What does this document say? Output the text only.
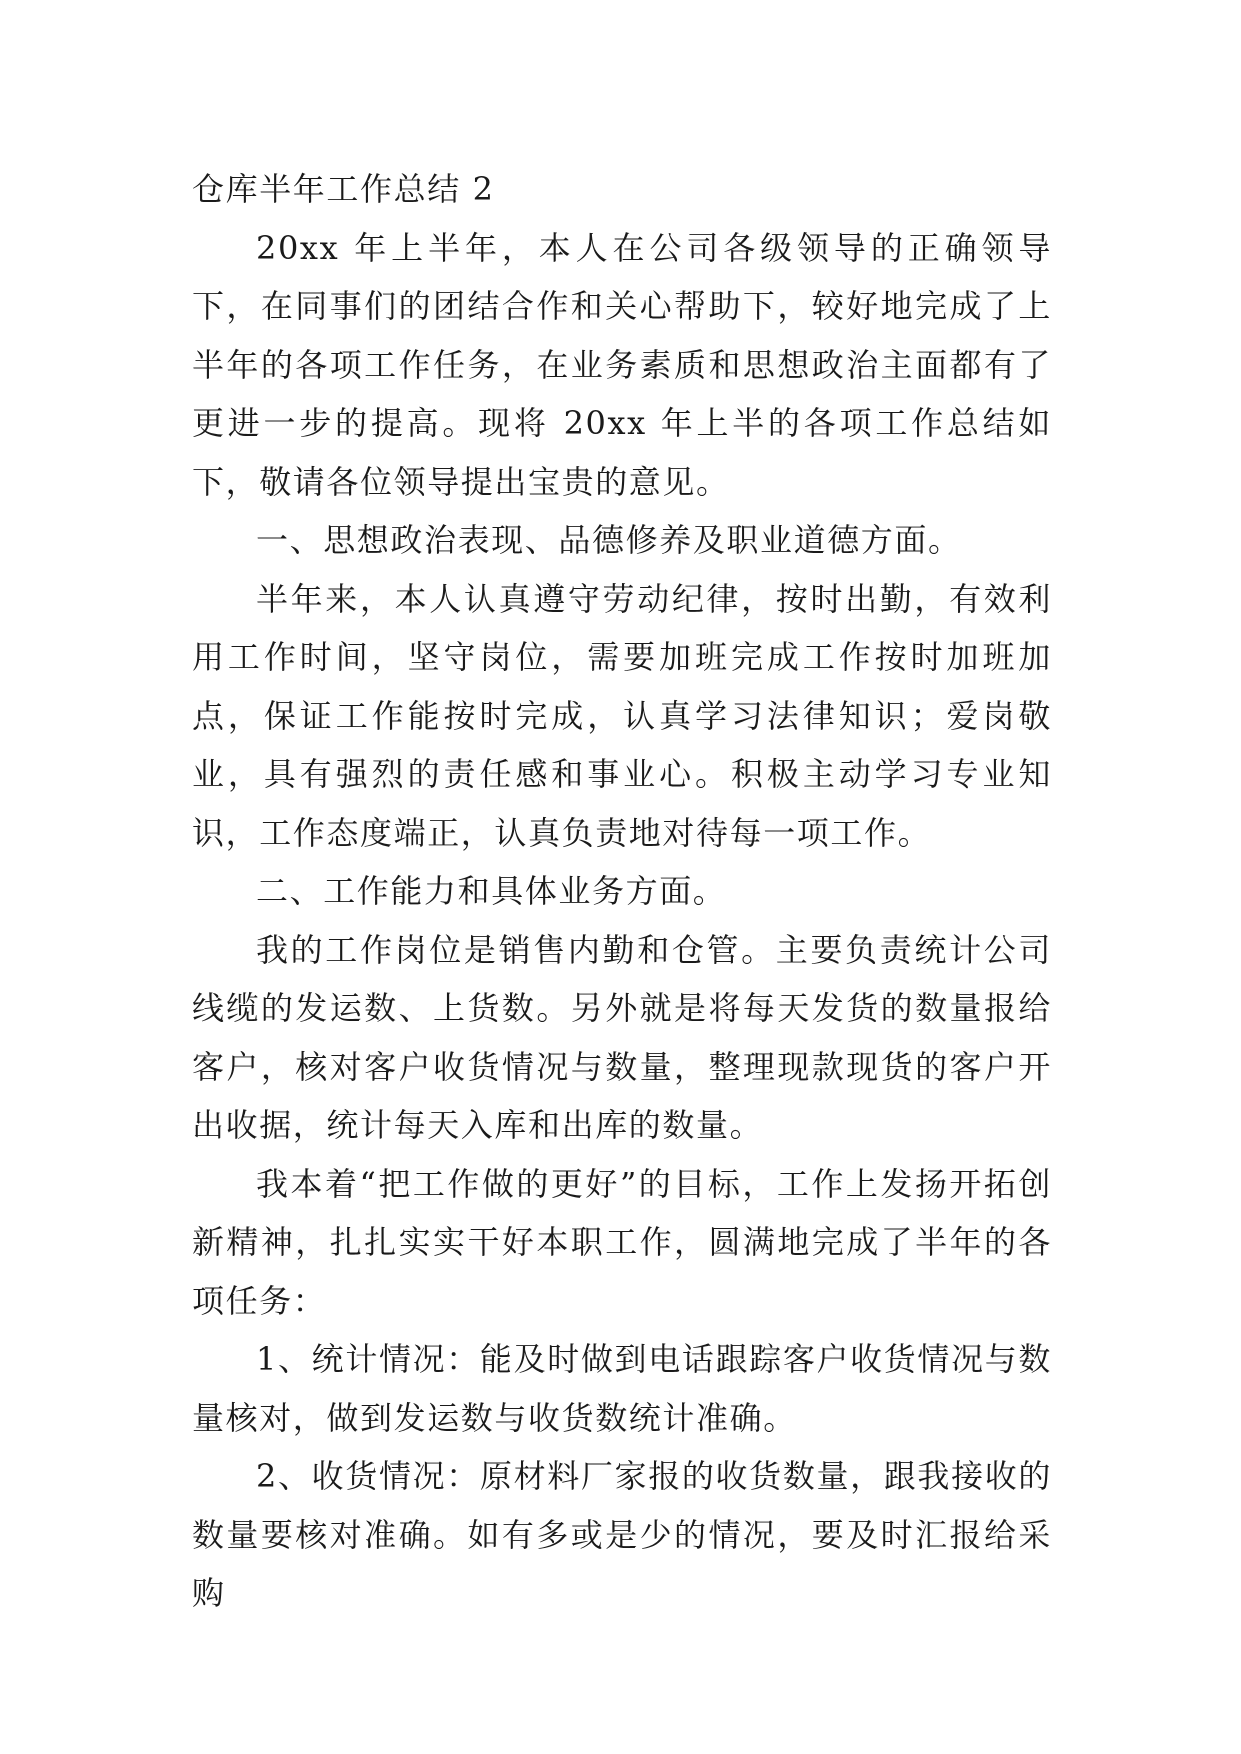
仓库半年工作总结 2

20xx 年上半年，本人在公司各级领导的正确领导下，在同事们的团结合作和关心帮助下，较好地完成了上半年的各项工作任务，在业务素质和思想政治主面都有了更进一步的提高。现将 20xx 年上半的各项工作总结如下，敬请各位领导提出宝贵的意见。

一、思想政治表现、品德修养及职业道德方面。

半年来，本人认真遵守劳动纪律，按时出勤，有效利用工作时间，坚守岗位，需要加班完成工作按时加班加点，保证工作能按时完成，认真学习法律知识；爱岗敬业，具有强烈的责任感和事业心。积极主动学习专业知识，工作态度端正，认真负责地对待每一项工作。

二、工作能力和具体业务方面。

我的工作岗位是销售内勤和仓管。主要负责统计公司线缆的发运数、上货数。另外就是将每天发货的数量报给客户，核对客户收货情况与数量，整理现款现货的客户开出收据，统计每天入库和出库的数量。

我本着“把工作做的更好”的目标，工作上发扬开拓创新精神，扎扎实实干好本职工作，圆满地完成了半年的各项任务：

1、统计情况：能及时做到电话跟踪客户收货情况与数量核对，做到发运数与收货数统计准确。

2、收货情况：原材料厂家报的收货数量，跟我接收的数量要核对准确。如有多或是少的情况，要及时汇报给采购
